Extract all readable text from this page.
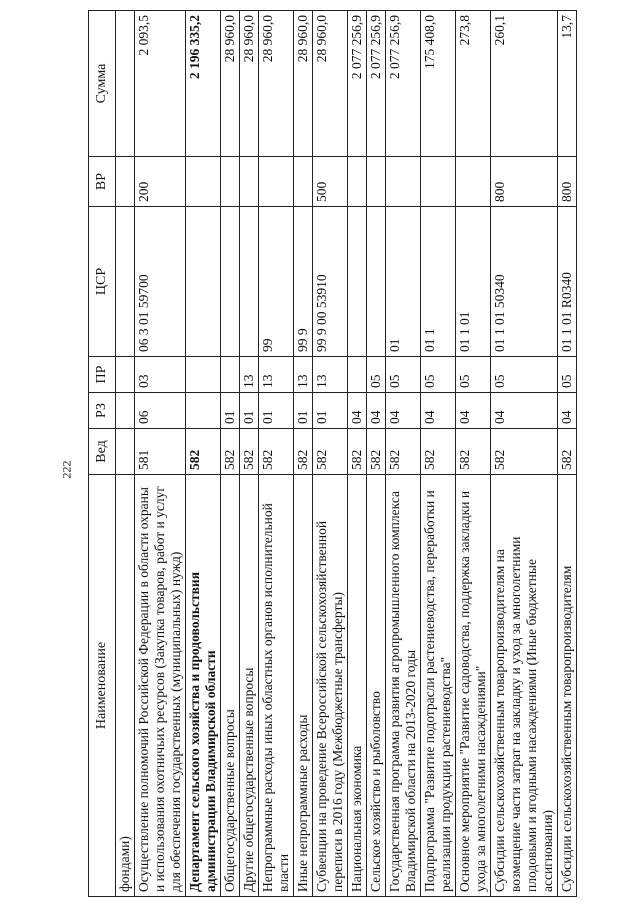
222
Наименование	Вед	РЗ	ПР	ЦСР	ВР	Сумма
фондами)						
Осуществление полномочий Российской Федерации в области охраны и использования охотничьих ресурсов (Закупка товаров, работ и услуг для обеспечения государственных (муниципальных) нужд)	581	06	03	06 3 01 59700	200	2 093,5
Департамент сельского хозяйства и продовольствия администрации Владимирской области	582					2 196 335,2
Общегосударственные вопросы	582	01				28 960,0
Другие общегосударственные вопросы	582	01	13			28 960,0
Непрограммные расходы иных областных органов исполнительной власти	582	01	13	99		28 960,0
Иные непрограммные расходы	582	01	13	99 9		28 960,0
Субвенции на проведение Всероссийской сельскохозяйственной переписи в 2016 году (Межбюджетные трансферты)	582	01	13	99 9 00 53910	500	28 960,0
Национальная экономика	582	04				2 077 256,9
Сельское хозяйство и рыболовство	582	04	05			2 077 256,9
Государственная программа развития агропромышленного комплекса Владимирской области на 2013-2020 годы	582	04	05	01		2 077 256,9
Подпрограмма "Развитие подотрасли растениеводства, переработки и реализации продукции растениеводства"	582	04	05	01 1		175 408,0
Основное мероприятие "Развитие садоводства, поддержка закладки и ухода за многолетними насаждениями"	582	04	05	01 1 01		273,8
Субсидии сельскохозяйственным товаропроизводителям на возмещение части затрат на закладку и уход за многолетними плодовыми и ягодными насаждениями (Иные бюджетные ассигнования)	582	04	05	01 1 01 50340	800	260,1
Субсидии сельскохозяйственным товаропроизводителям	582	04	05	01 1 01 R0340	800	13,7
